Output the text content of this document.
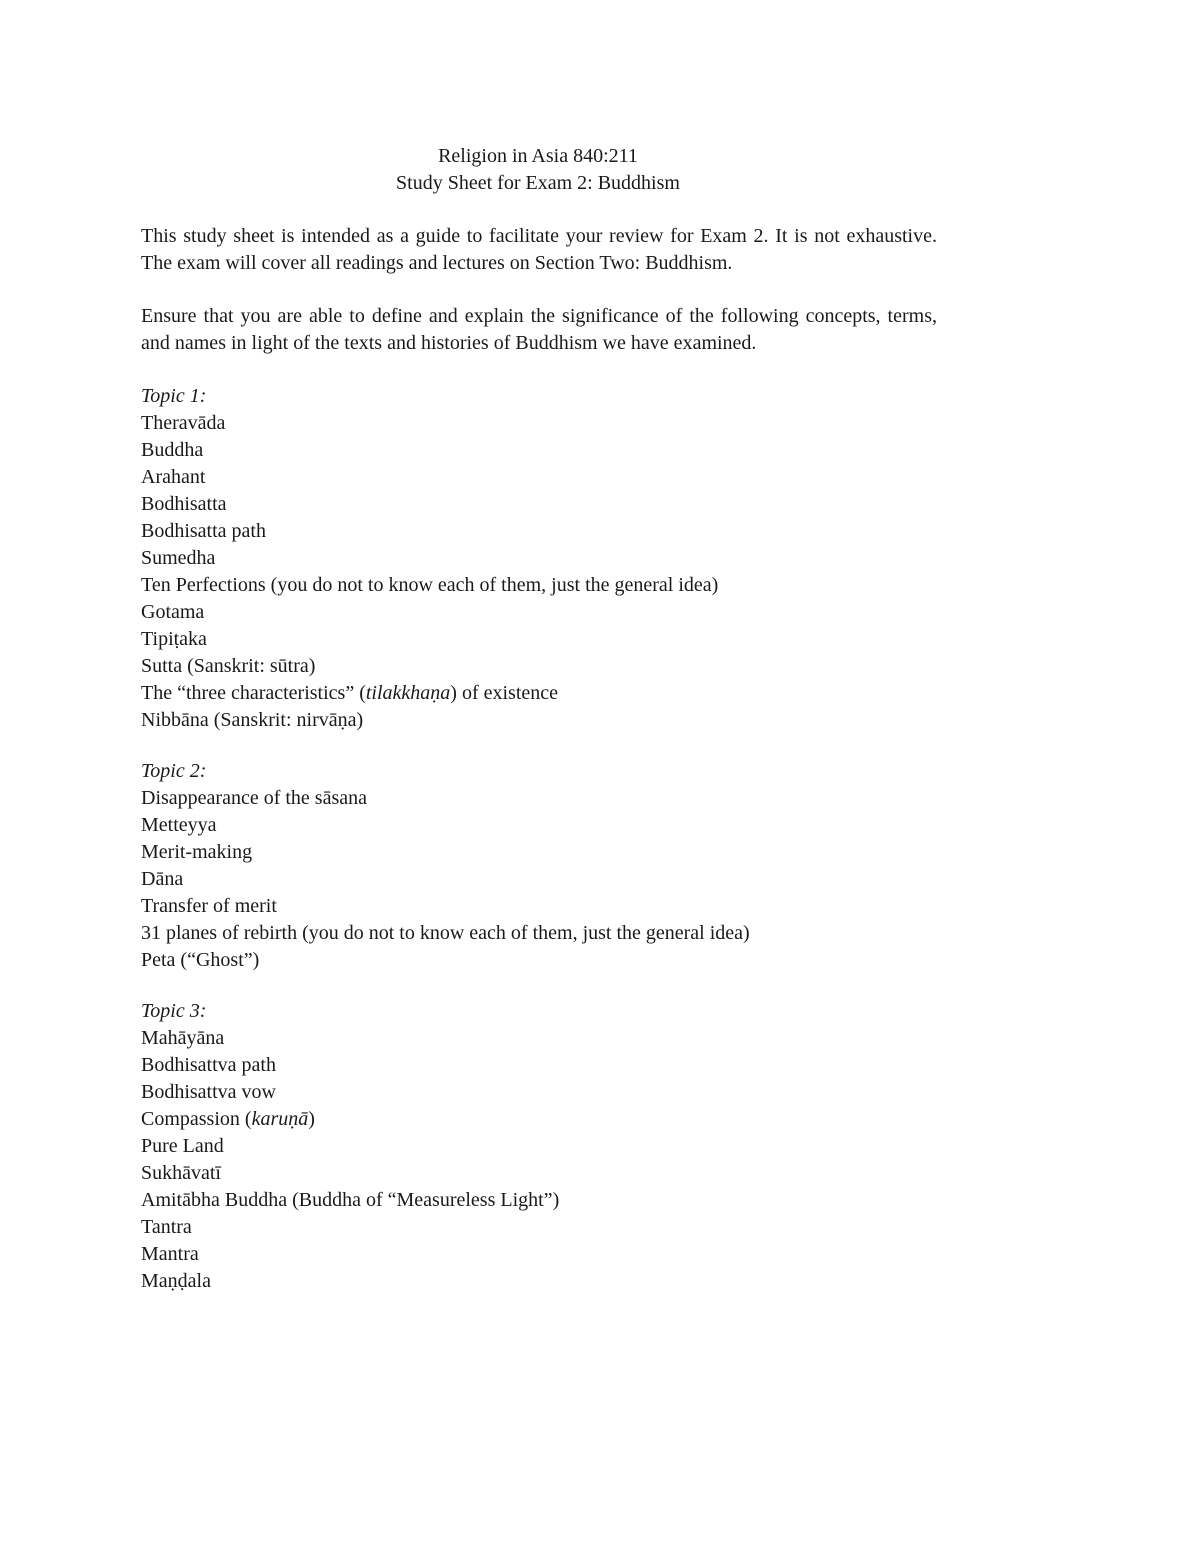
Religion in Asia 840:211
Study Sheet for Exam 2: Buddhism

This study sheet is intended as a guide to facilitate your review for Exam 2. It is not exhaustive. The exam will cover all readings and lectures on Section Two: Buddhism.

Ensure that you are able to define and explain the significance of the following concepts, terms, and names in light of the texts and histories of Buddhism we have examined.

Topic 1:
Theravāda
Buddha
Arahant
Bodhisatta
Bodhisatta path
Sumedha
Ten Perfections (you do not to know each of them, just the general idea)
Gotama
Tipiṭaka
Sutta (Sanskrit: sūtra)
The “three characteristics” (tilakkhaṇa) of existence
Nibbāna (Sanskrit: nirvāṇa)
Topic 2:
Disappearance of the sāsana
Metteyya
Merit-making
Dāna
Transfer of merit
31 planes of rebirth (you do not to know each of them, just the general idea)
Peta (“Ghost”)
Topic 3:
Mahāyāna
Bodhisattva path
Bodhisattva vow
Compassion (karuṇā)
Pure Land
Sukhāvatī
Amitābha Buddha (Buddha of “Measureless Light”)
Tantra
Mantra
Maṇḍala
